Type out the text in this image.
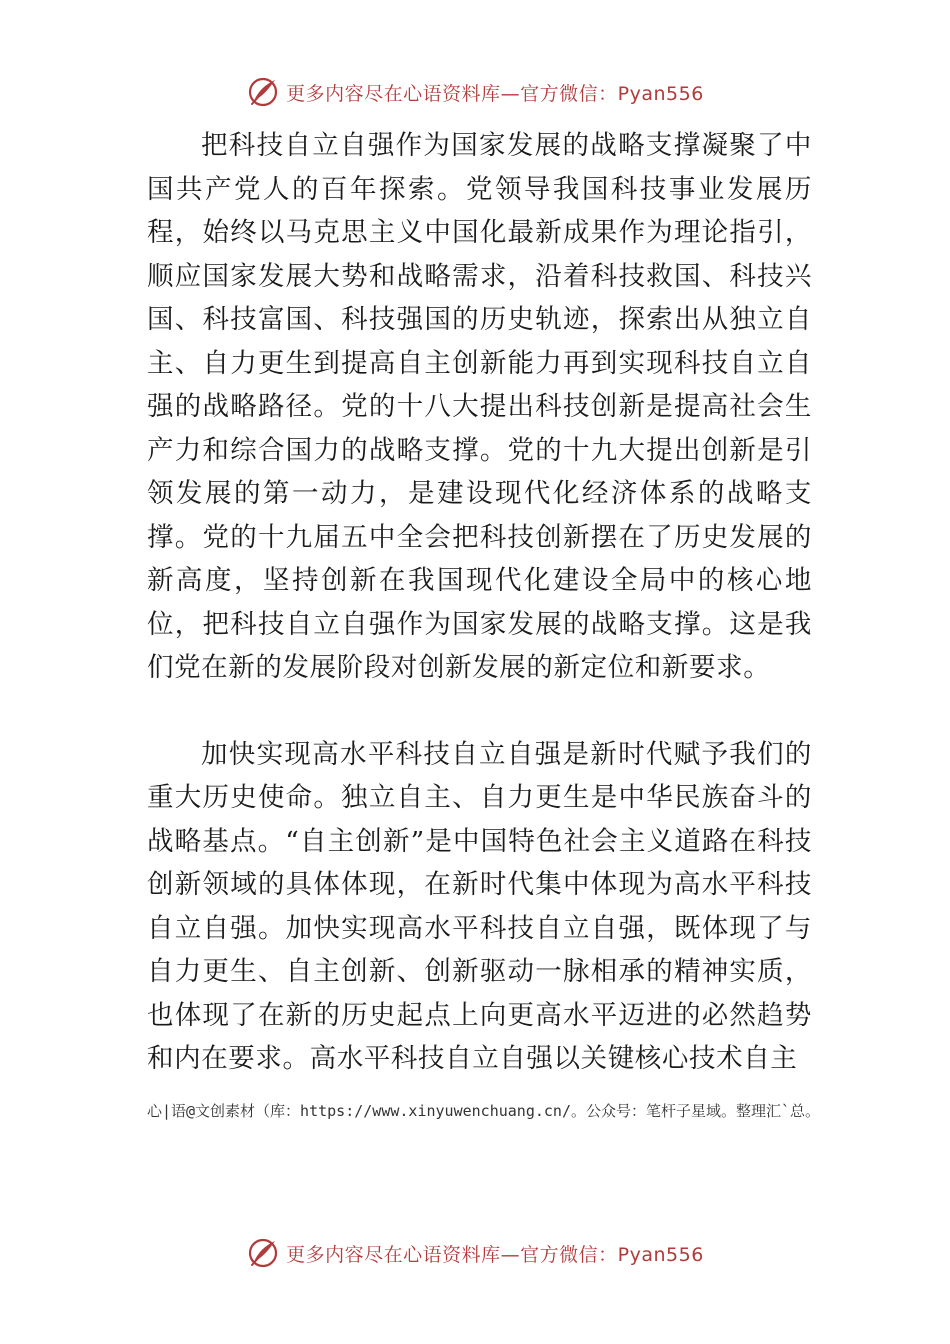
更多内容尽在心语资料库—官方微信：Pyan556

把科技自立自强作为国家发展的战略支撑凝聚了中国共产党人的百年探索。党领导我国科技事业发展历程，始终以马克思主义中国化最新成果作为理论指引，顺应国家发展大势和战略需求，沿着科技救国、科技兴国、科技富国、科技强国的历史轨迹，探索出从独立自主、自力更生到提高自主创新能力再到实现科技自立自强的战略路径。党的十八大提出科技创新是提高社会生产力和综合国力的战略支撑。党的十九大提出创新是引领发展的第一动力，是建设现代化经济体系的战略支撑。党的十九届五中全会把科技创新摆在了历史发展的新高度，坚持创新在我国现代化建设全局中的核心地位，把科技自立自强作为国家发展的战略支撑。这是我们党在新的发展阶段对创新发展的新定位和新要求。

加快实现高水平科技自立自强是新时代赋予我们的重大历史使命。独立自主、自力更生是中华民族奋斗的战略基点。“自主创新”是中国特色社会主义道路在科技创新领域的具体体现，在新时代集中体现为高水平科技自立自强。加快实现高水平科技自立自强，既体现了与自力更生、自主创新、创新驱动一脉相承的精神实质，也体现了在新的历史起点上向更高水平迈进的必然趋势和内在要求。高水平科技自立自强以关键核心技术自主

心|语@文创素材（库：https://www.xinyuwenchuang.cn/。公众号：笔杆子星域。整理汇`总。
更多内容尽在心语资料库—官方微信：Pyan556
